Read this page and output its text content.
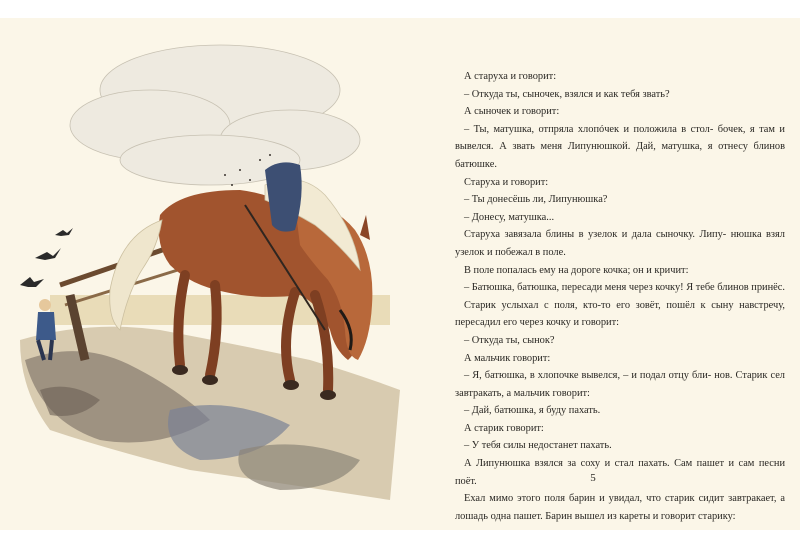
А старуха и говорит:

– Откуда ты, сыночек, взялся и как тебя звать?

А сыночек и говорит:

– Ты, матушка, отпряла хлопóчек и положила в стол- бочек, я там и вывелся. А звать меня Липунюшкой. Дай, матушка, я отнесу блинов батюшке.

Старуха и говорит:

– Ты донесёшь ли, Липунюшка?

– Донесу, матушка...

Старуха завязала блины в узелок и дала сыночку. Липу- нюшка взял узелок и побежал в поле.

В поле попалась ему на дороге кочка; он и кричит:

– Батюшка, батюшка, пересади меня через кочку! Я тебе блинов принёс.

Старик услыхал с поля, кто-то его зовёт, пошёл к сыну навстречу, пересадил его через кочку и говорит:

– Откуда ты, сынок?

А мальчик говорит:

– Я, батюшка, в хлопочке вывелся, – и подал отцу бли- нов. Старик сел завтракать, а мальчик говорит:

– Дай, батюшка, я буду пахать.

А старик говорит:

– У тебя силы недостанет пахать.

А Липунюшка взялся за соху и стал пахать. Сам пашет и сам песни поёт.

Ехал мимо этого поля барин и увидал, что старик сидит завтракает, а лошадь одна пашет. Барин вышел из кареты и говорит старику:

5
